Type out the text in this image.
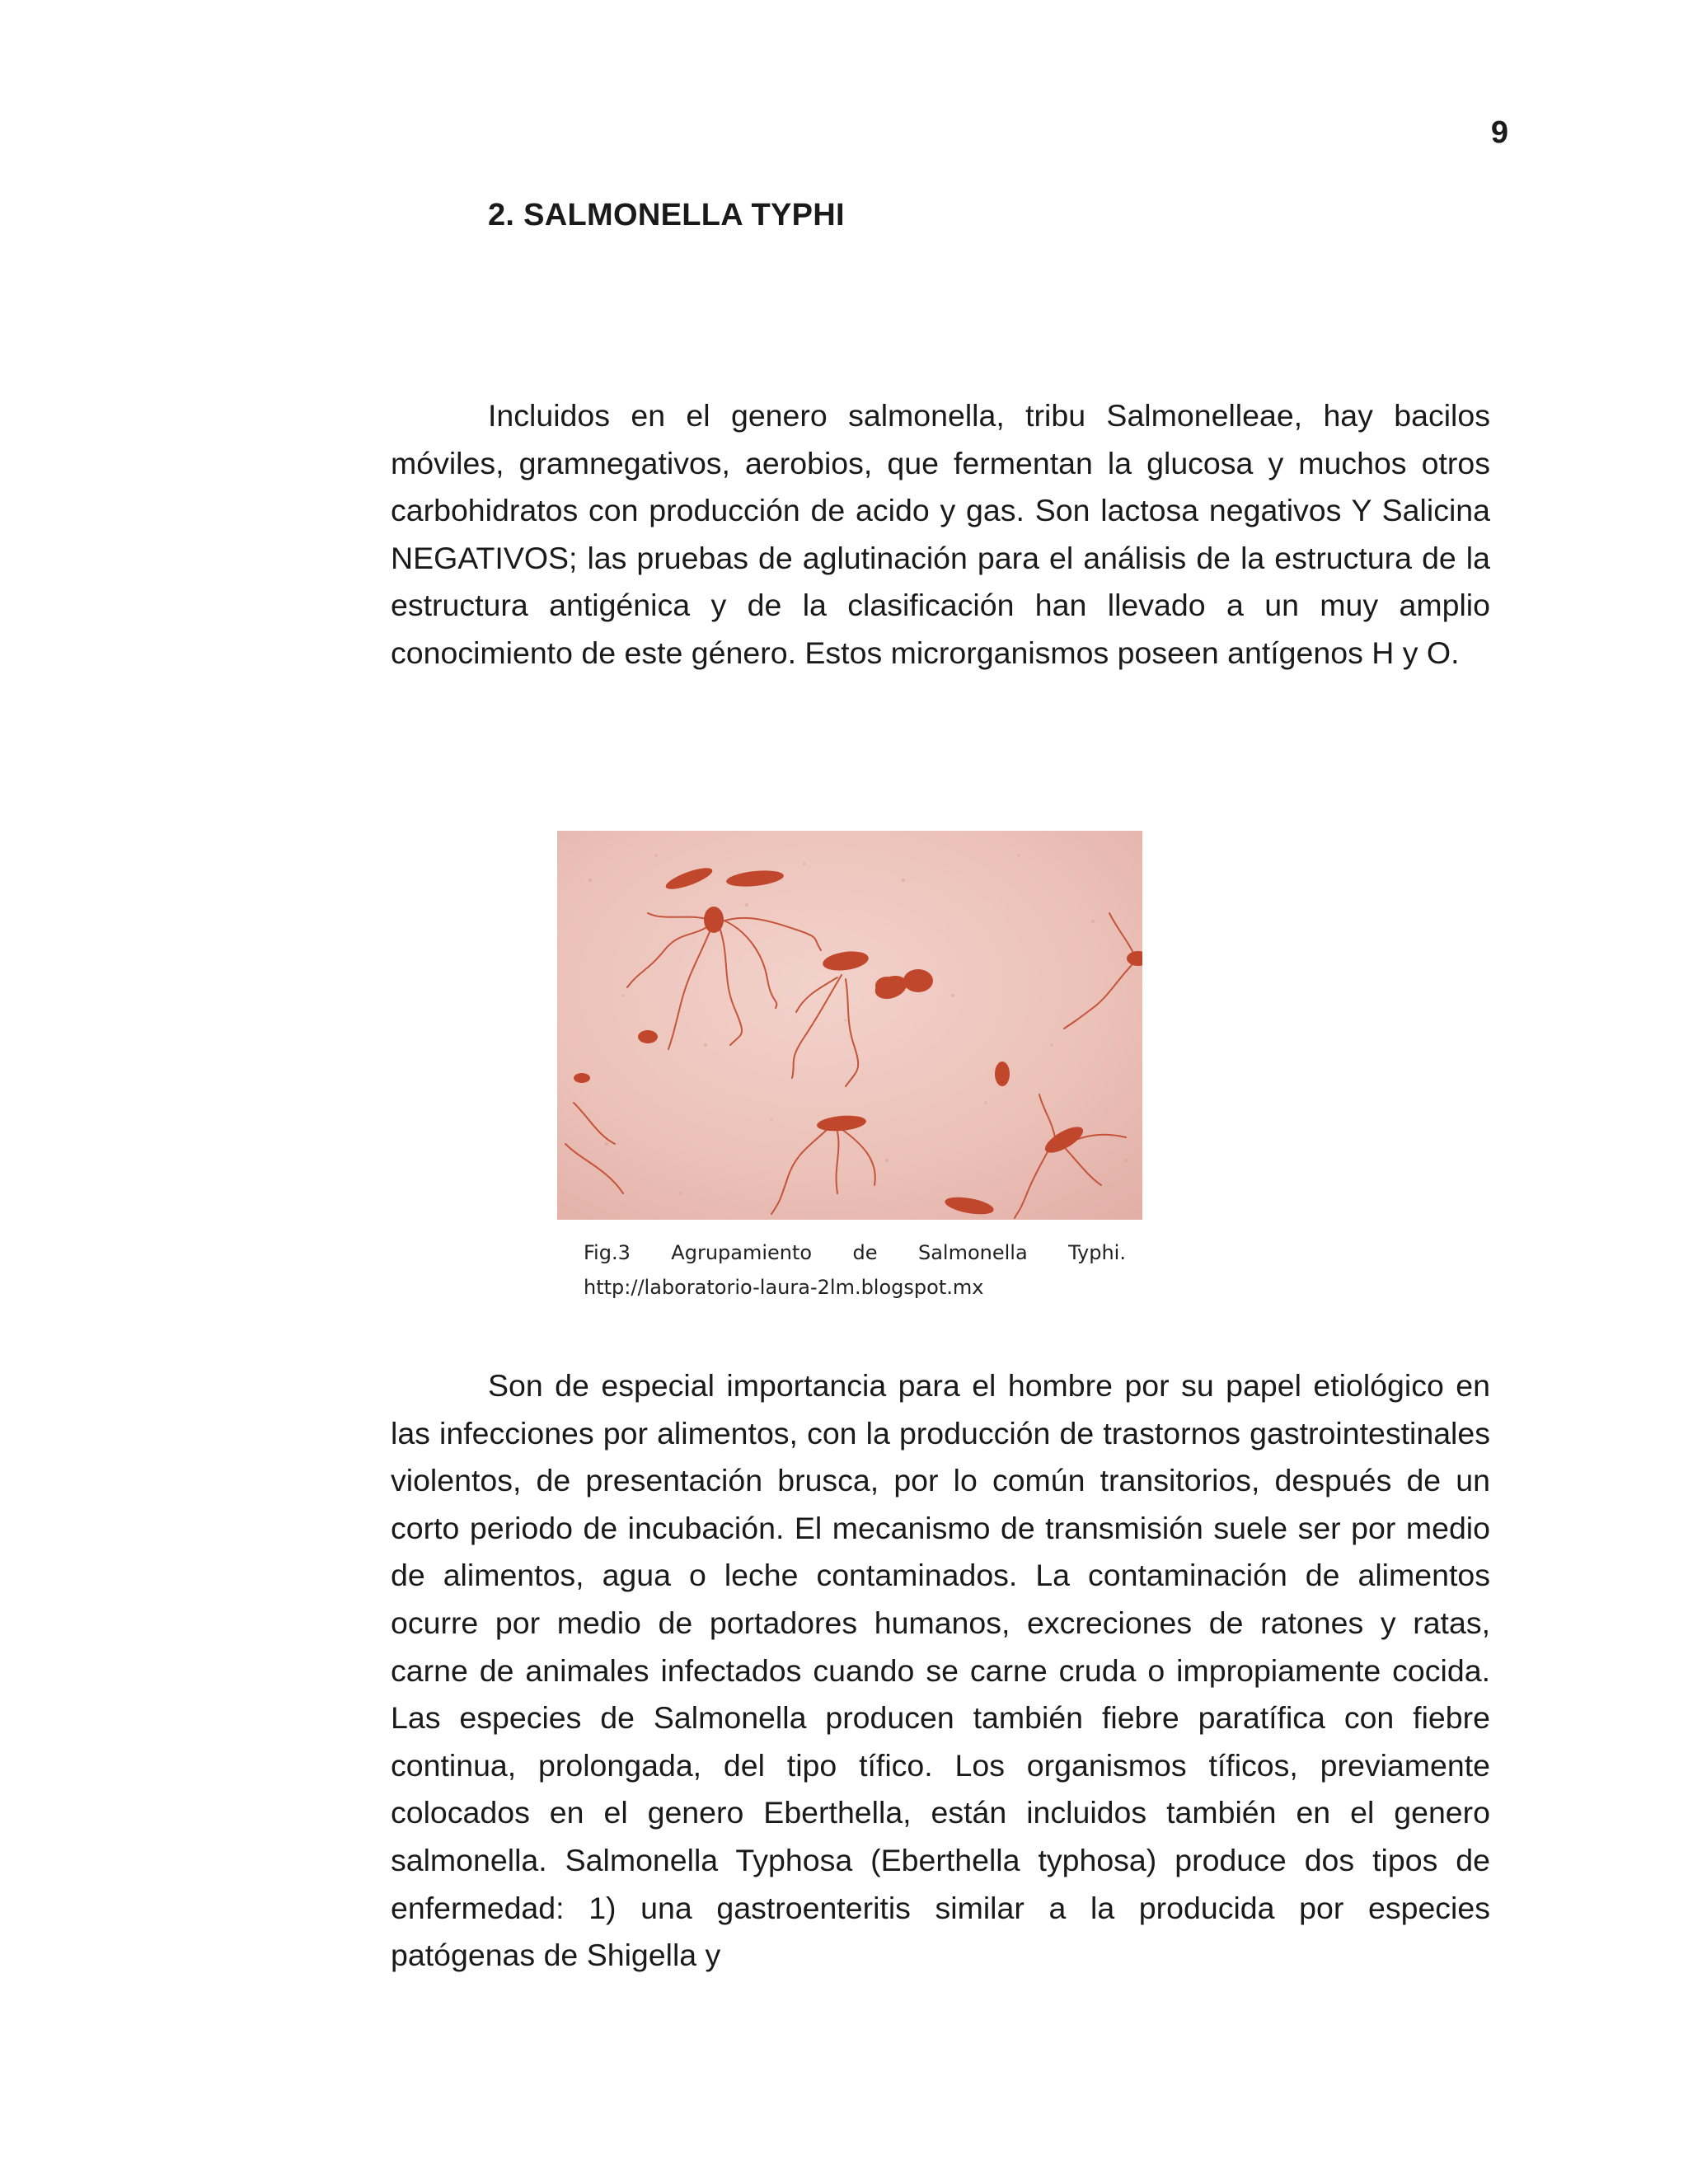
9
2. SALMONELLA TYPHI

Incluidos en el genero salmonella, tribu Salmonelleae, hay bacilos móviles, gramnegativos, aerobios, que fermentan la glucosa y muchos otros carbohidratos con producción de acido y gas. Son lactosa negativos Y Salicina NEGATIVOS; las pruebas de aglutinación para el análisis de la estructura de la estructura antigénica y de la clasificación han llevado a un muy amplio conocimiento de este género. Estos microrganismos poseen antígenos H y O.

Fig.3 Agrupamiento de Salmonella Typhi.
http://laboratorio-laura-2lm.blogspot.mx

Son de especial importancia para el hombre por su papel etiológico en las infecciones por alimentos, con la producción de trastornos gastrointestinales violentos, de presentación brusca, por lo común transitorios, después de un corto periodo de incubación. El mecanismo de transmisión suele ser por medio de alimentos, agua o leche contaminados. La contaminación de alimentos ocurre por medio de portadores humanos, excreciones de ratones y ratas, carne de animales infectados cuando se carne cruda o impropiamente cocida. Las especies de Salmonella producen también fiebre paratífica con fiebre continua, prolongada, del tipo tífico. Los organismos tíficos, previamente colocados en el genero Eberthella, están incluidos también en el genero salmonella. Salmonella Typhosa (Eberthella typhosa) produce dos tipos de enfermedad: 1) una gastroenteritis similar a la producida por especies patógenas de Shigella y
